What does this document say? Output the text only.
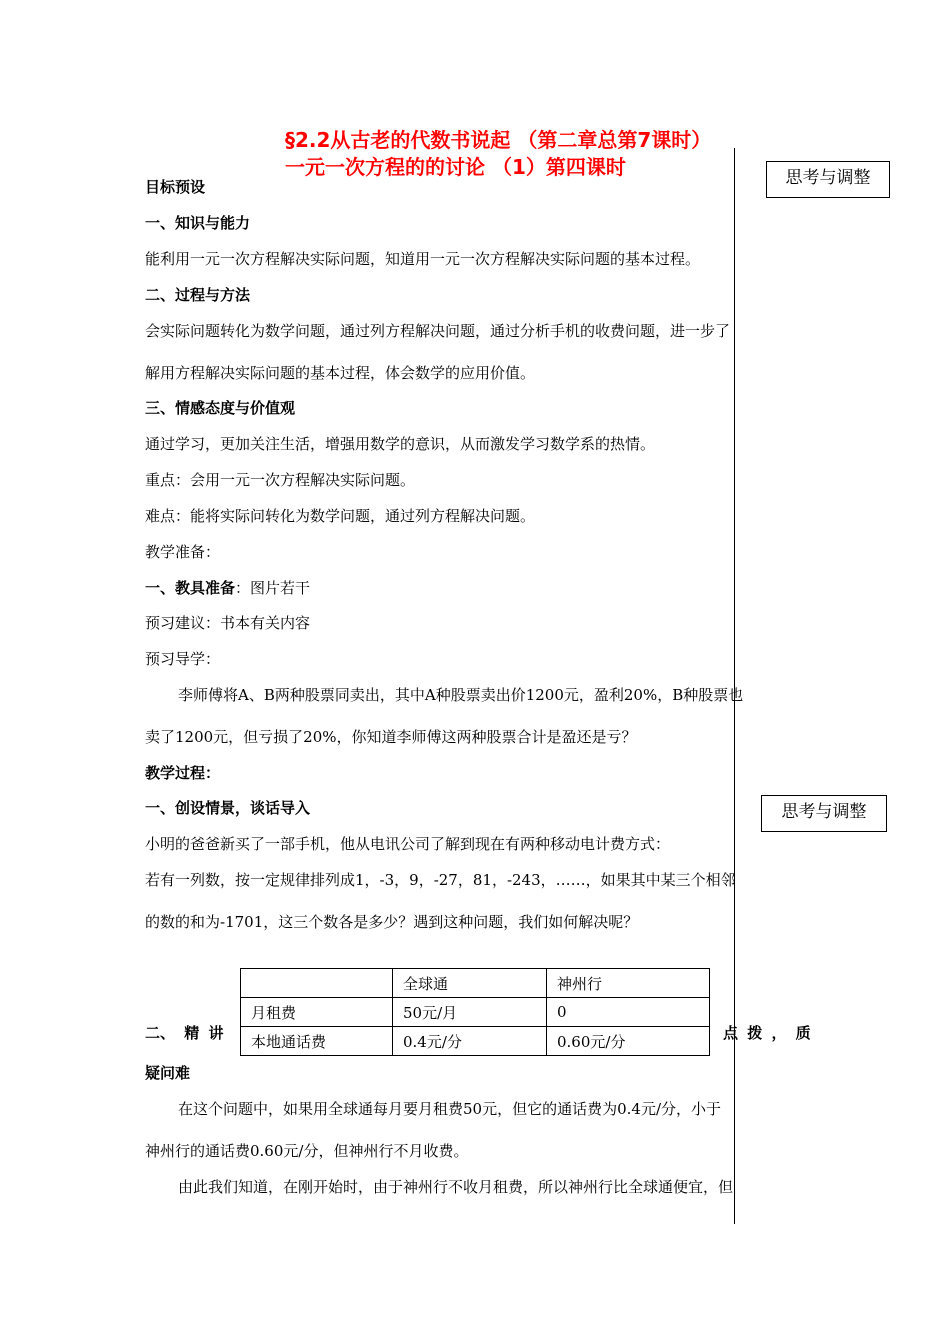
§2.2从古老的代数书说起 （第二章总第7课时）
一元一次方程的的讨论 （1）第四课时	思考与调整
思考与调整
目标预设
一、知识与能力
能利用一元一次方程解决实际问题，知道用一元一次方程解决实际问题的基本过程。
二、过程与方法
会实际问题转化为数学问题，通过列方程解决问题，通过分析手机的收费问题，进一步了
解用方程解决实际问题的基本过程，体会数学的应用价值。
三、情感态度与价值观
通过学习，更加关注生活，增强用数学的意识，从而激发学习数学系的热情。
重点：会用一元一次方程解决实际问题。
难点：能将实际问转化为数学问题，通过列方程解决问题。
教学准备：
一、教具准备：图片若干
预习建议：书本有关内容
预习导学：
李师傅将A、B两种股票同卖出，其中A种股票卖出价1200元，盈利20%，B种股票也
卖了1200元，但亏损了20%，你知道李师傅这两种股票合计是盈还是亏？
教学过程：
一、创设情景，谈话导入
小明的爸爸新买了一部手机，他从电讯公司了解到现在有两种移动电计费方式：
若有一列数，按一定规律排列成1，-3，9，-27，81，-243，……，如果其中某三个相邻
的数的和为-1701，这三个数各是多少？遇到这种问题，我们如何解决呢？
	全球通	神州行
月租费	50元/月	0
本地通话费	0.4元/分	0.60元/分
二、 精 讲	点 拨 ， 质
疑问难
在这个问题中，如果用全球通每月要月租费50元，但它的通话费为0.4元/分，小于
神州行的通话费0.60元/分，但神州行不月收费。
由此我们知道，在刚开始时，由于神州行不收月租费，所以神州行比全球通便宜，但
